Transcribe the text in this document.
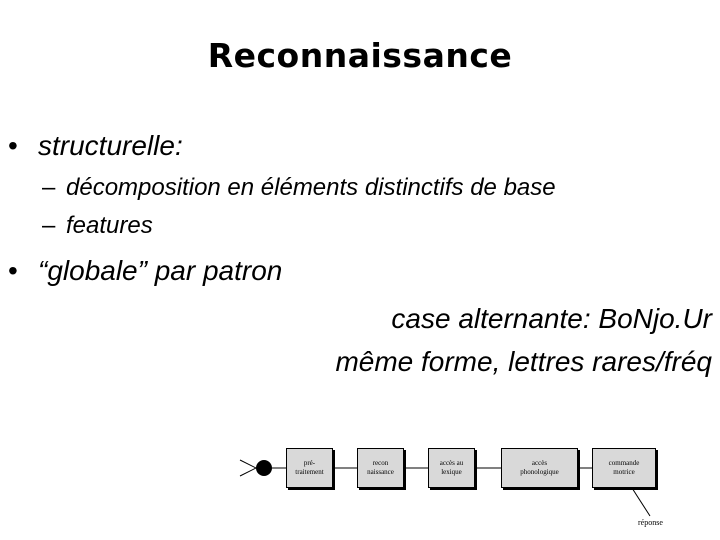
Reconnaissance
• structurelle:
– décomposition en éléments distinctifs de base
– features
• “globale” par patron
case alternante: BoNjo.Ur
même forme, lettres rares/fréq
pré-
traitement
recon
naissance
accès au
lexique
accès
phonologique
commande
motrice
réponse
